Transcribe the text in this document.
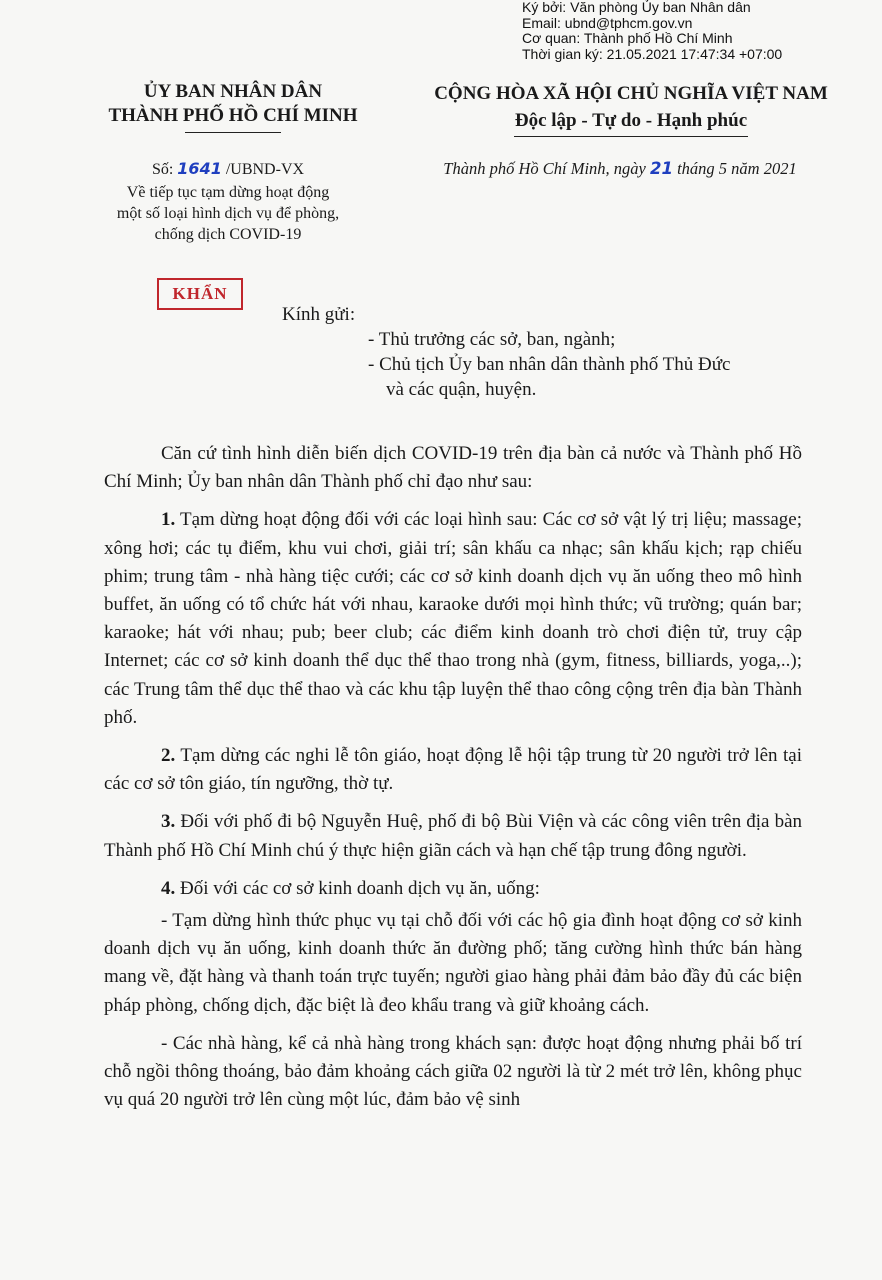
Ký bởi: Văn phòng Ủy ban Nhân dân
Email: ubnd@tphcm.gov.vn
Cơ quan: Thành phố Hồ Chí Minh
Thời gian ký: 21.05.2021 17:47:34 +07:00
ỦY BAN NHÂN DÂN
THÀNH PHỐ HỒ CHÍ MINH
CỘNG HÒA XÃ HỘI CHỦ NGHĨA VIỆT NAM
Độc lập - Tự do - Hạnh phúc
Số: 1641 /UBND-VX
Về tiếp tục tạm dừng hoạt động
một số loại hình dịch vụ để phòng,
chống dịch COVID-19
Thành phố Hồ Chí Minh, ngày 21 tháng 5 năm 2021
KHẨN
Kính gửi:
- Thủ trưởng các sở, ban, ngành;
- Chủ tịch Ủy ban nhân dân thành phố Thủ Đức
và các quận, huyện.

Căn cứ tình hình diễn biến dịch COVID-19 trên địa bàn cả nước và Thành phố Hồ Chí Minh; Ủy ban nhân dân Thành phố chỉ đạo như sau:

1. Tạm dừng hoạt động đối với các loại hình sau: Các cơ sở vật lý trị liệu; massage; xông hơi; các tụ điểm, khu vui chơi, giải trí; sân khấu ca nhạc; sân khấu kịch; rạp chiếu phim; trung tâm - nhà hàng tiệc cưới; các cơ sở kinh doanh dịch vụ ăn uống theo mô hình buffet, ăn uống có tổ chức hát với nhau, karaoke dưới mọi hình thức; vũ trường; quán bar; karaoke; hát với nhau; pub; beer club; các điểm kinh doanh trò chơi điện tử, truy cập Internet; các cơ sở kinh doanh thể dục thể thao trong nhà (gym, fitness, billiards, yoga,..); các Trung tâm thể dục thể thao và các khu tập luyện thể thao công cộng trên địa bàn Thành phố.

2. Tạm dừng các nghi lễ tôn giáo, hoạt động lễ hội tập trung từ 20 người trở lên tại các cơ sở tôn giáo, tín ngưỡng, thờ tự.

3. Đối với phố đi bộ Nguyễn Huệ, phố đi bộ Bùi Viện và các công viên trên địa bàn Thành phố Hồ Chí Minh chú ý thực hiện giãn cách và hạn chế tập trung đông người.

4. Đối với các cơ sở kinh doanh dịch vụ ăn, uống:

- Tạm dừng hình thức phục vụ tại chỗ đối với các hộ gia đình hoạt động cơ sở kinh doanh dịch vụ ăn uống, kinh doanh thức ăn đường phố; tăng cường hình thức bán hàng mang về, đặt hàng và thanh toán trực tuyến; người giao hàng phải đảm bảo đầy đủ các biện pháp phòng, chống dịch, đặc biệt là đeo khẩu trang và giữ khoảng cách.

- Các nhà hàng, kể cả nhà hàng trong khách sạn: được hoạt động nhưng phải bố trí chỗ ngồi thông thoáng, bảo đảm khoảng cách giữa 02 người là từ 2 mét trở lên, không phục vụ quá 20 người trở lên cùng một lúc, đảm bảo vệ sinh
